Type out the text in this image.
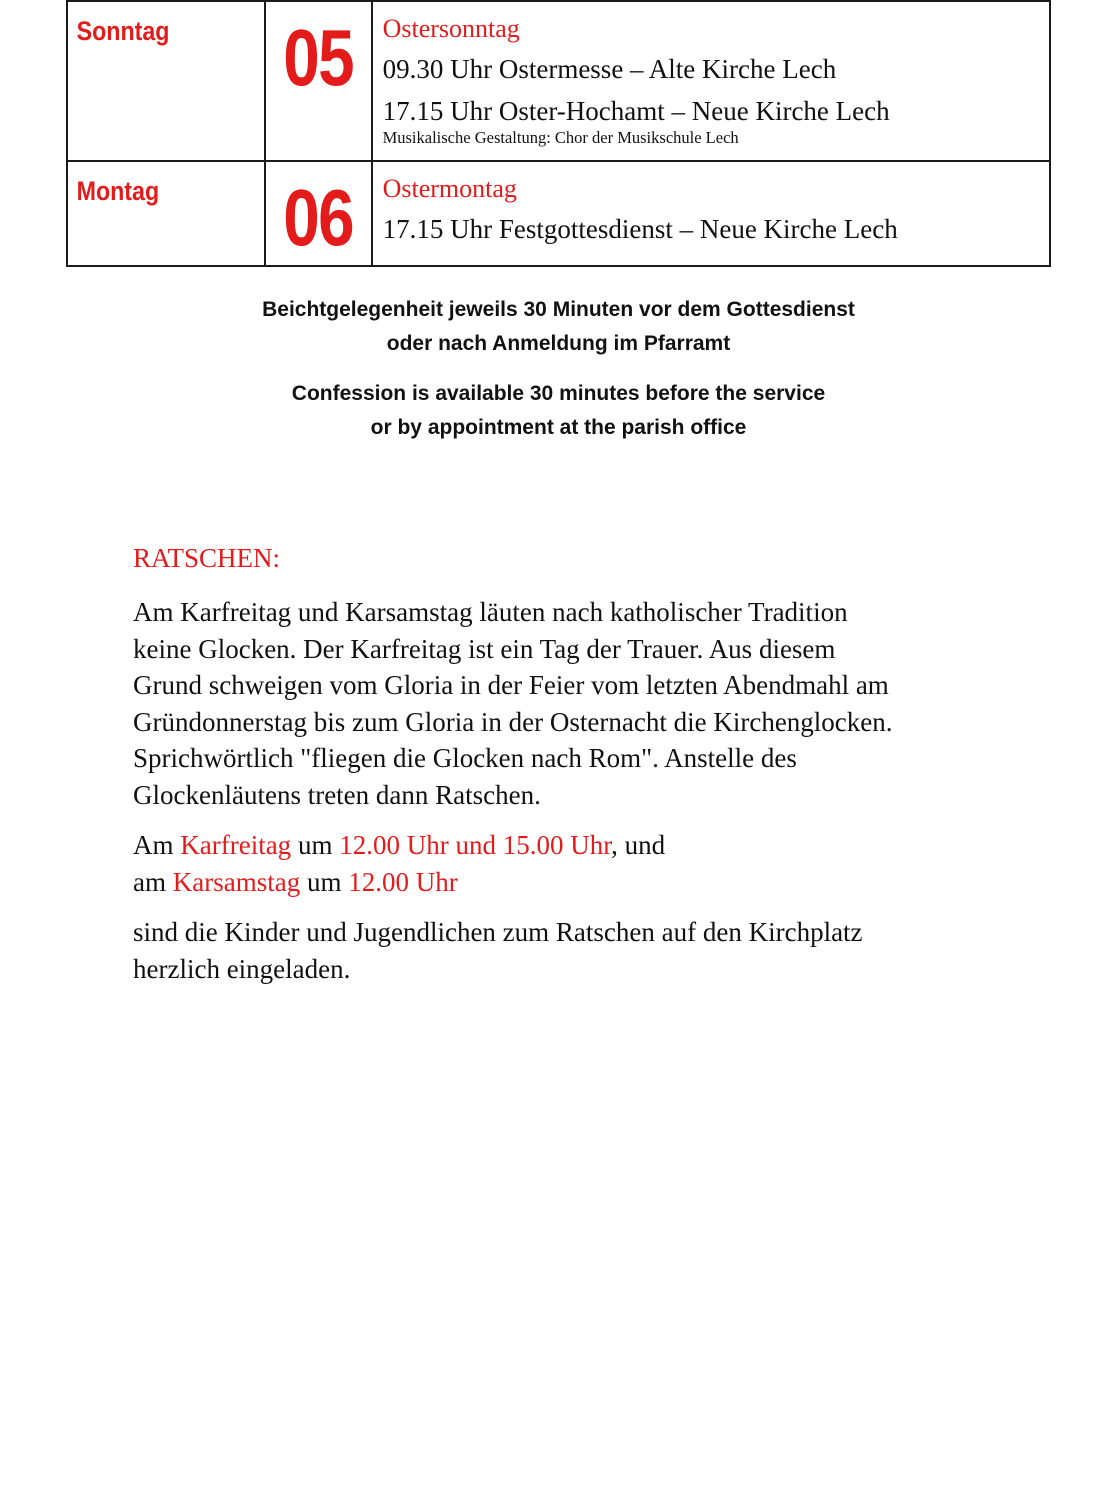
Sonntag	05	Ostersonntag
09.30 Uhr Ostermesse – Alte Kirche Lech
17.15 Uhr Oster-Hochamt – Neue Kirche Lech
Musikalische Gestaltung: Chor der Musikschule Lech

Montag	06	Ostermontag
17.15 Uhr Festgottesdienst – Neue Kirche Lech
Beichtgelegenheit jeweils 30 Minuten vor dem Gottesdienst
oder nach Anmeldung im Pfarramt
Confession is available 30 minutes before the service
or by appointment at the parish office
RATSCHEN:
Am Karfreitag und Karsamstag läuten nach katholischer Tradition
keine Glocken. Der Karfreitag ist ein Tag der Trauer. Aus diesem
Grund schweigen vom Gloria in der Feier vom letzten Abendmahl am
Gründonnerstag bis zum Gloria in der Osternacht die Kirchenglocken.
Sprichwörtlich "fliegen die Glocken nach Rom". Anstelle des
Glockenläutens treten dann Ratschen.
Am Karfreitag um 12.00 Uhr und 15.00 Uhr, und
am Karsamstag um 12.00 Uhr
sind die Kinder und Jugendlichen zum Ratschen auf den Kirchplatz
herzlich eingeladen.
